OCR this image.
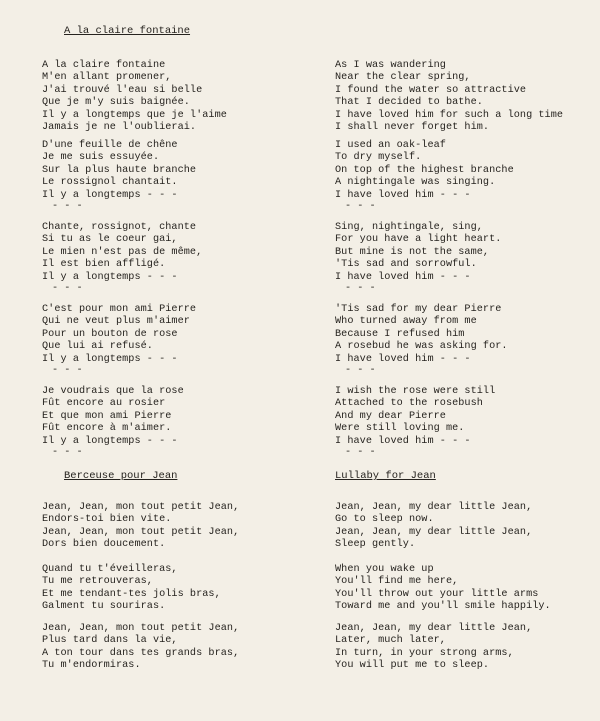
A la claire fontaine
A la claire fontaine
M'en allant promener,
J'ai trouvé l'eau si belle
Que je m'y suis baignée.
Il y a longtemps que je l'aime
Jamais je ne l'oublierai.
D'une feuille de chêne
Je me suis essuyée.
Sur la plus haute branche
Le rossignol chantait.
Il y a longtemps - - -
- - -
Chante, rossignot, chante
Si tu as le coeur gai,
Le mien n'est pas de même,
Il est bien affligé.
Il y a longtemps - - -
- - -
C'est pour mon ami Pierre
Qui ne veut plus m'aimer
Pour un bouton de rose
Que lui ai refusé.
Il y a longtemps - - -
- - -
Je voudrais que la rose
Fût encore au rosier
Et que mon ami Pierre
Fût encore à m'aimer.
Il y a longtemps - - -
- - -
Berceuse pour Jean
Jean, Jean, mon tout petit Jean,
Endors-toi bien vite.
Jean, Jean, mon tout petit Jean,
Dors bien doucement.
Quand tu t'éveilleras,
Tu me retrouveras,
Et me tendant-tes jolis bras,
Galment tu souriras.
Jean, Jean, mon tout petit Jean,
Plus tard dans la vie,
A ton tour dans tes grands bras,
Tu m'endormiras.
Lullaby for Jean
As I was wandering
Near the clear spring,
I found the water so attractive
That I decided to bathe.
I have loved him for such a long time
I shall never forget him.
I used an oak-leaf
To dry myself.
On top of the highest branche
A nightingale was singing.
I have loved him - - -
- - -
Sing, nightingale, sing,
For you have a light heart.
But mine is not the same,
'Tis sad and sorrowful.
I have loved him - - -
- - -
'Tis sad for my dear Pierre
Who turned away from me
Because I refused him
A rosebud he was asking for.
I have loved him - - -
- - -
I wish the rose were still
Attached to the rosebush
And my dear Pierre
Were still loving me.
I have loved him - - -
- - -
Jean, Jean, my dear little Jean,
Go to sleep now.
Jean, Jean, my dear little Jean,
Sleep gently.
When you wake up
You'll find me here,
You'll throw out your little arms
Toward me and you'll smile happily.
Jean, Jean, my dear little Jean,
Later, much later,
In turn, in your strong arms,
You will put me to sleep.
